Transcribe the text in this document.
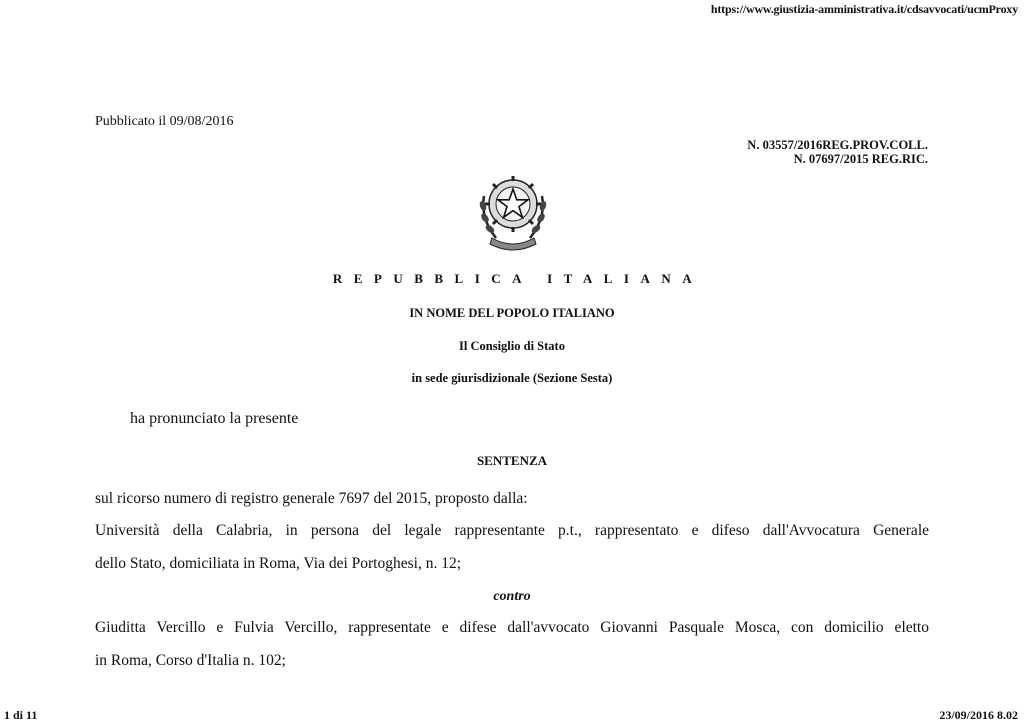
https://www.giustizia-amministrativa.it/cdsavvocati/ucmProxy
Pubblicato il 09/08/2016
N. 03557/2016REG.PROV.COLL.
N. 07697/2015 REG.RIC.
REPUBBLICA ITALIANA
IN NOME DEL POPOLO ITALIANO
Il Consiglio di Stato
in sede giurisdizionale (Sezione Sesta)
ha pronunciato la presente
SENTENZA
sul ricorso numero di registro generale 7697 del 2015, proposto dalla:
Università della Calabria, in persona del legale rappresentante p.t., rappresentato e difeso dall'Avvocatura Generale
dello Stato, domiciliata in Roma, Via dei Portoghesi, n. 12;
contro
Giuditta Vercillo e Fulvia Vercillo, rappresentate e difese dall'avvocato Giovanni Pasquale Mosca, con domicilio eletto
in Roma, Corso d'Italia n. 102;
1 di 11	23/09/2016 8.02
